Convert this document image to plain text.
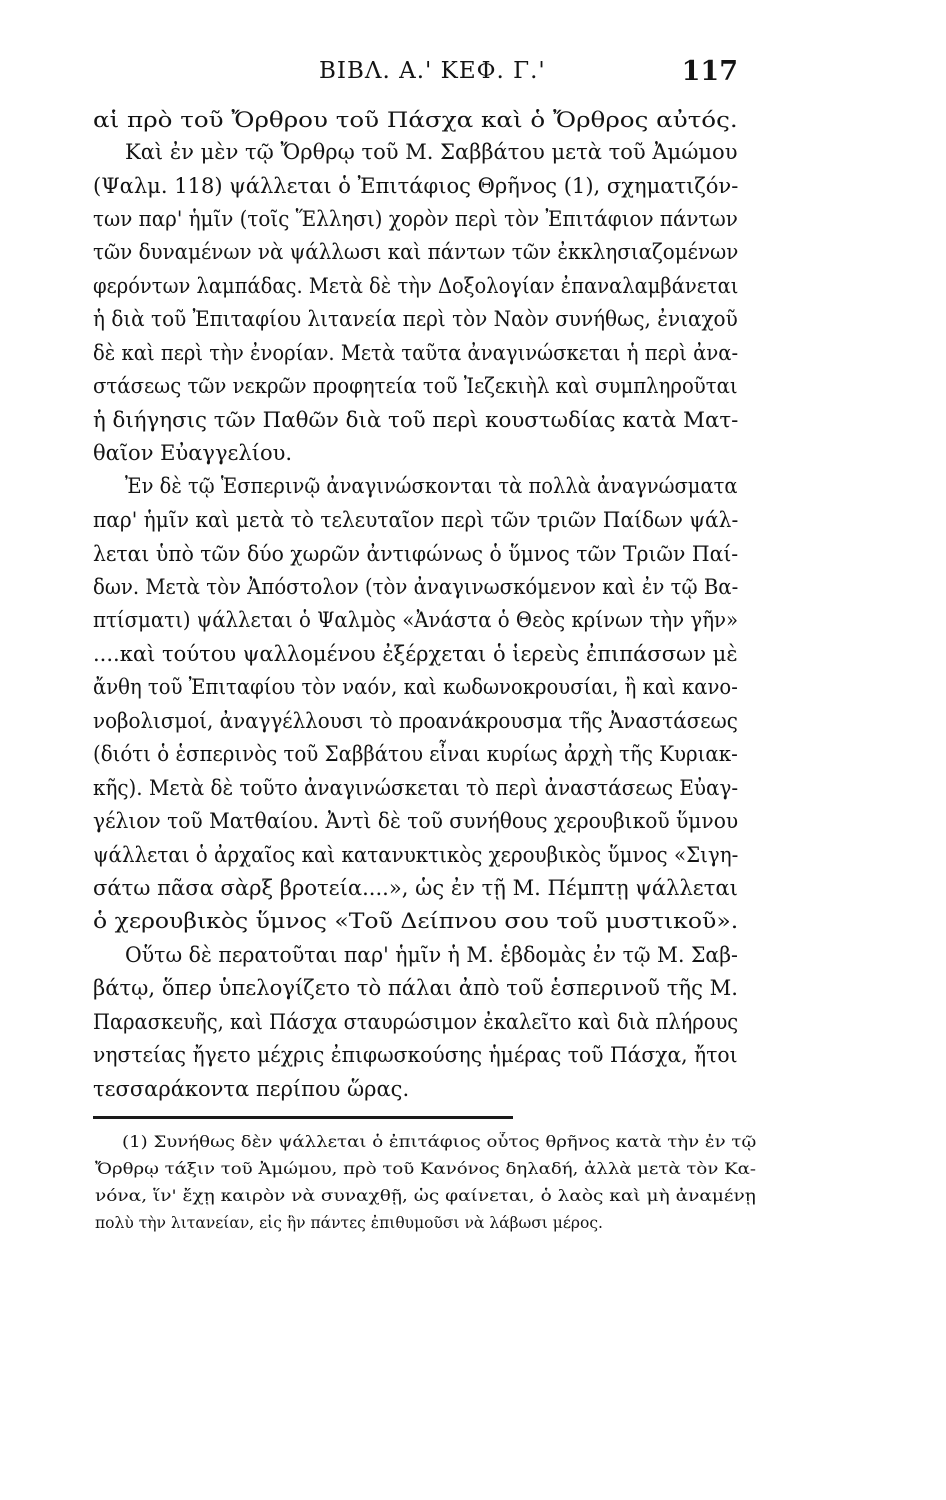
ΒΙΒΛ. Α.' ΚΕΦ. Γ.'	117
αἱ πρὸ τοῦ Ὄρθρου τοῦ Πάσχα καὶ ὁ Ὄρθρος αὐτός.
Καὶ ἐν μὲν τῷ Ὄρθρῳ τοῦ Μ. Σαββάτου μετὰ τοῦ Ἀμώμου
(Ψαλμ. 118) ψάλλεται ὁ Ἐπιτάφιος Θρῆνος (1), σχηματιζόν-
των παρ' ἡμῖν (τοῖς Ἕλλησι) χορὸν περὶ τὸν Ἐπιτάφιον πάντων
τῶν δυναμένων νὰ ψάλλωσι καὶ πάντων τῶν ἐκκλησιαζομένων
φερόντων λαμπάδας. Μετὰ δὲ τὴν Δοξολογίαν ἐπαναλαμβάνεται
ἡ διὰ τοῦ Ἐπιταφίου λιτανεία περὶ τὸν Ναὸν συνήθως, ἐνιαχοῦ
δὲ καὶ περὶ τὴν ἐνορίαν. Μετὰ ταῦτα ἀναγινώσκεται ἡ περὶ ἀνα-
στάσεως τῶν νεκρῶν προφητεία τοῦ Ἰεζεκιὴλ καὶ συμπληροῦται
ἡ διήγησις τῶν Παθῶν διὰ τοῦ περὶ κουστωδίας κατὰ Ματ-
θαῖον Εὐαγγελίου.
Ἐν δὲ τῷ Ἑσπερινῷ ἀναγινώσκονται τὰ πολλὰ ἀναγνώσματα
παρ' ἡμῖν καὶ μετὰ τὸ τελευταῖον περὶ τῶν τριῶν Παίδων ψάλ-
λεται ὑπὸ τῶν δύο χωρῶν ἀντιφώνως ὁ ὕμνος τῶν Τριῶν Παί-
δων. Μετὰ τὸν Ἀπόστολον (τὸν ἀναγινωσκόμενον καὶ ἐν τῷ Βα-
πτίσματι) ψάλλεται ὁ Ψαλμὸς «Ἀνάστα ὁ Θεὸς κρίνων τὴν γῆν»
....καὶ τούτου ψαλλομένου ἐξέρχεται ὁ ἱερεὺς ἐπιπάσσων μὲ
ἄνθη τοῦ Ἐπιταφίου τὸν ναόν, καὶ κωδωνοκρουσίαι, ἢ καὶ κανο-
νοβολισμοί, ἀναγγέλλουσι τὸ προανάκρουσμα τῆς Ἀναστάσεως
(διότι ὁ ἑσπερινὸς τοῦ Σαββάτου εἶναι κυρίως ἀρχὴ τῆς Κυριακ-
κῆς). Μετὰ δὲ τοῦτο ἀναγινώσκεται τὸ περὶ ἀναστάσεως Εὐαγ-
γέλιον τοῦ Ματθαίου. Ἀντὶ δὲ τοῦ συνήθους χερουβικοῦ ὕμνου
ψάλλεται ὁ ἀρχαῖος καὶ κατανυκτικὸς χερουβικὸς ὕμνος «Σιγη-
σάτω πᾶσα σὰρξ βροτεία....», ὡς ἐν τῇ Μ. Πέμπτῃ ψάλλεται
ὁ χερουβικὸς ὕμνος «Τοῦ Δείπνου σου τοῦ μυστικοῦ».
Οὕτω δὲ περατοῦται παρ' ἡμῖν ἡ Μ. ἑβδομὰς ἐν τῷ Μ. Σαβ-
βάτῳ, ὅπερ ὑπελογίζετο τὸ πάλαι ἀπὸ τοῦ ἑσπερινοῦ τῆς Μ.
Παρασκευῆς, καὶ Πάσχα σταυρώσιμον ἐκαλεῖτο καὶ διὰ πλήρους
νηστείας ἤγετο μέχρις ἐπιφωσκούσης ἡμέρας τοῦ Πάσχα, ἤτοι
τεσσαράκοντα περίπου ὥρας.
(1) Συνήθως δὲν ψάλλεται ὁ ἐπιτάφιος οὗτος θρῆνος κατὰ τὴν ἐν τῷ
Ὄρθρῳ τάξιν τοῦ Ἀμώμου, πρὸ τοῦ Κανόνος δηλαδή, ἀλλὰ μετὰ τὸν Κα-
νόνα, ἵν' ἔχῃ καιρὸν νὰ συναχθῇ, ὡς φαίνεται, ὁ λαὸς καὶ μὴ ἀναμένῃ
πολὺ τὴν λιτανείαν, εἰς ἣν πάντες ἐπιθυμοῦσι νὰ λάβωσι μέρος.
